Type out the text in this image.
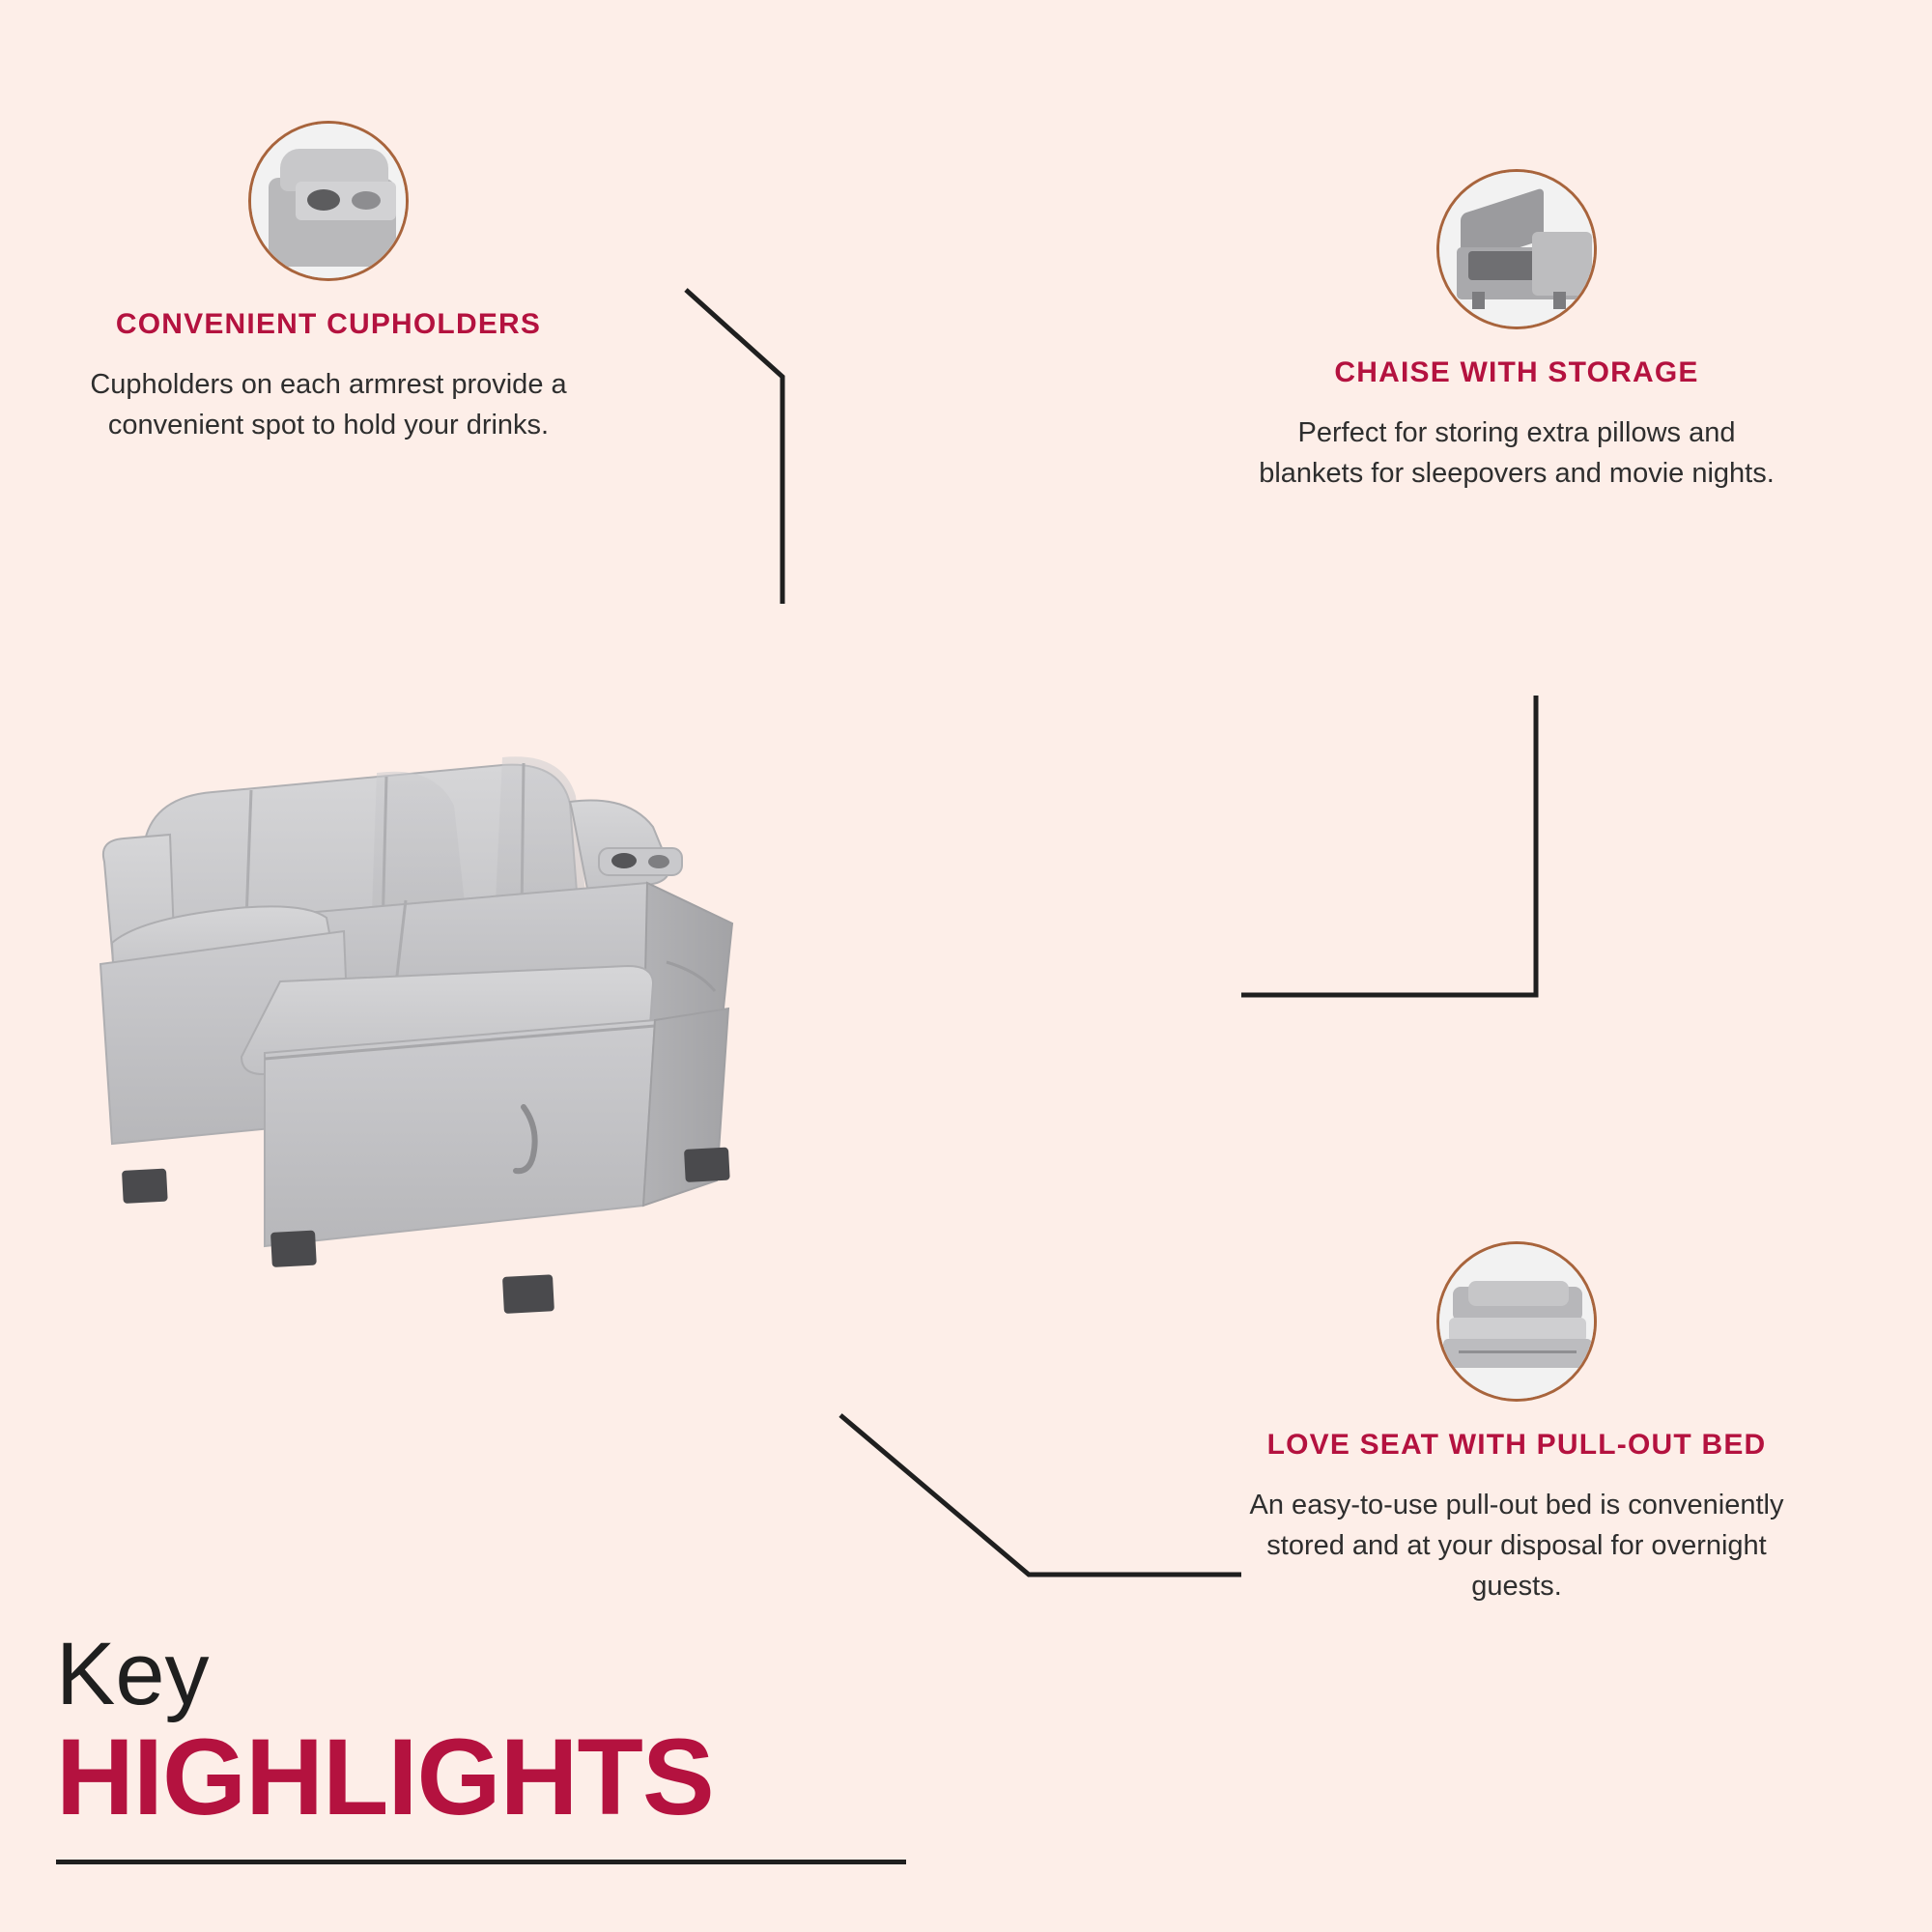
CONVENIENT CUPHOLDERS
Cupholders on each armrest provide a convenient spot to hold your drinks.
CHAISE WITH STORAGE
Perfect for storing extra pillows and blankets for sleepovers and movie nights.
LOVE SEAT WITH PULL-OUT BED
An easy-to-use pull-out bed is conveniently stored and at your disposal for overnight guests.
Key
HIGHLIGHTS
